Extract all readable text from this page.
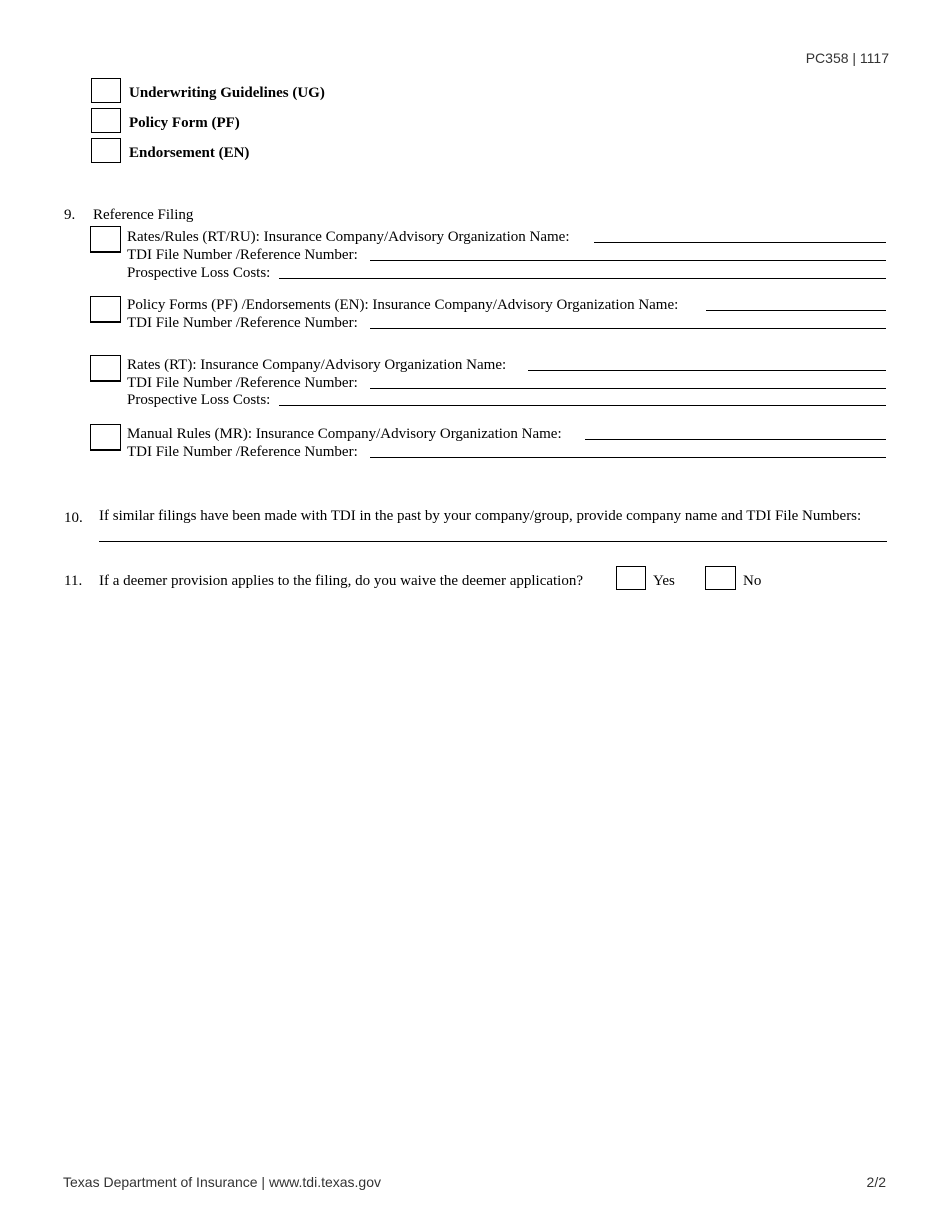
PC358 | 1117
Underwriting Guidelines (UG)
Policy Form (PF)
Endorsement (EN)
9. Reference Filing
Rates/Rules (RT/RU): Insurance Company/Advisory Organization Name:
TDI File Number /Reference Number:
Prospective Loss Costs:
Policy Forms (PF) /Endorsements (EN): Insurance Company/Advisory Organization Name:
TDI File Number /Reference Number:
Rates (RT): Insurance Company/Advisory Organization Name:
TDI File Number /Reference Number:
Prospective Loss Costs:
Manual Rules (MR): Insurance Company/Advisory Organization Name:
TDI File Number /Reference Number:
10. If similar filings have been made with TDI in the past by your company/group, provide company name and TDI File Numbers:
11. If a deemer provision applies to the filing, do you waive the deemer application?	Yes	No
Texas Department of Insurance | www.tdi.texas.gov	2/2
